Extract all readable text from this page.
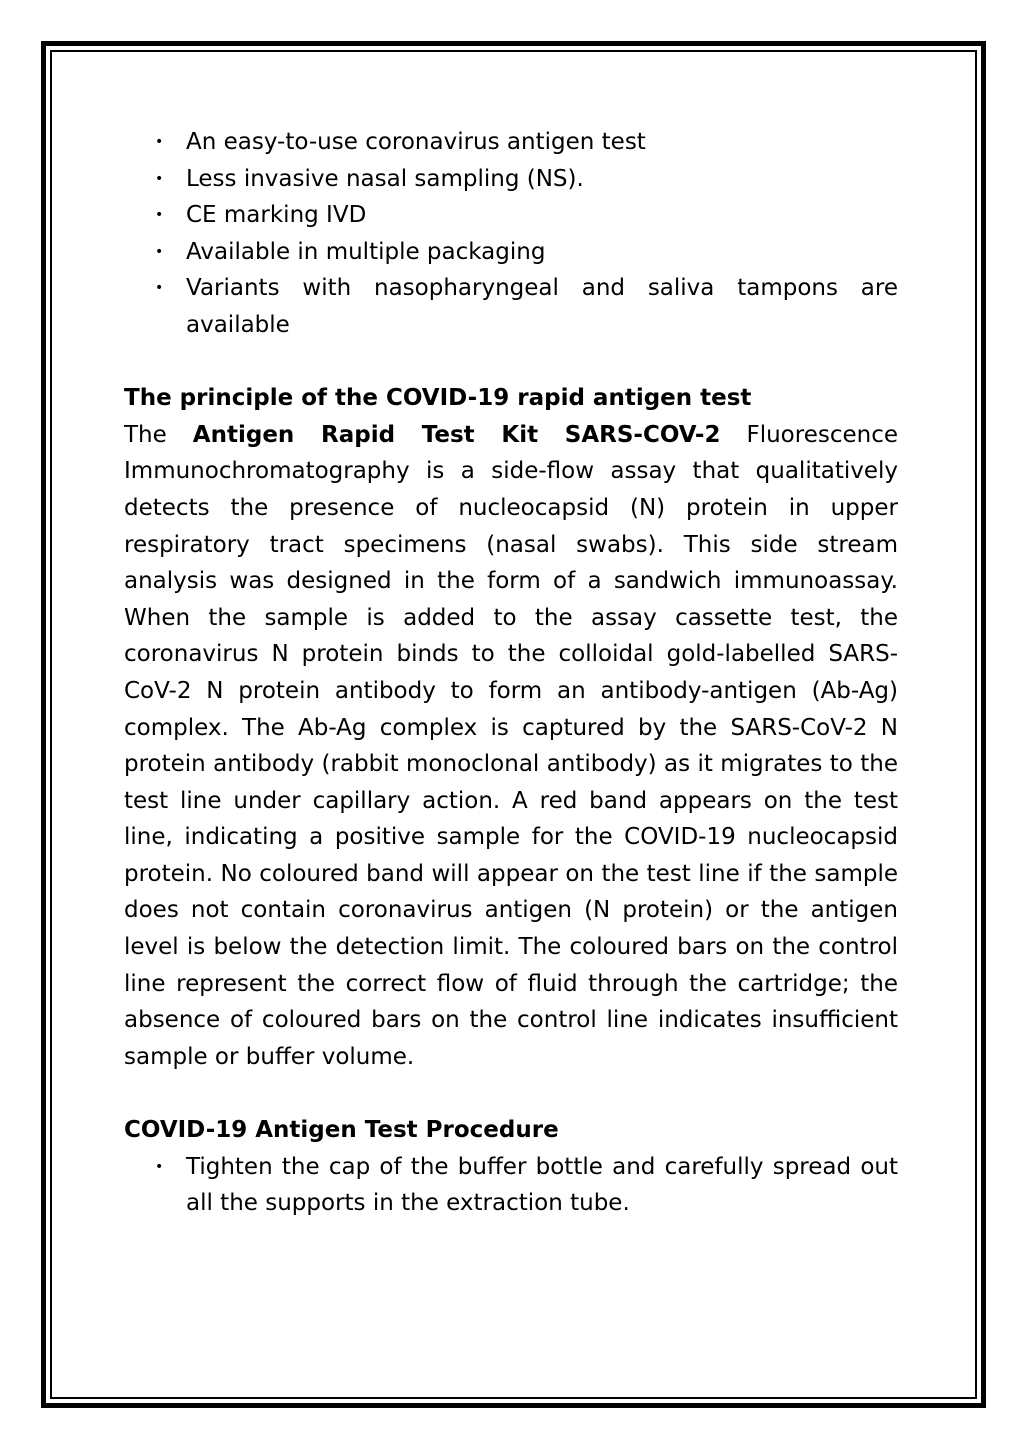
• An easy-to-use coronavirus antigen test
• Less invasive nasal sampling (NS).
• CE marking IVD
• Available in multiple packaging
• Variants with nasopharyngeal and saliva tampons are available

The principle of the COVID-19 rapid antigen test

The Antigen Rapid Test Kit SARS-COV-2 Fluorescence Immunochromatography is a side-flow assay that qualitatively detects the presence of nucleocapsid (N) protein in upper respiratory tract specimens (nasal swabs). This side stream analysis was designed in the form of a sandwich immunoassay. When the sample is added to the assay cassette test, the coronavirus N protein binds to the colloidal gold-labelled SARS-CoV-2 N protein antibody to form an antibody-antigen (Ab-Ag) complex. The Ab-Ag complex is captured by the SARS-CoV-2 N protein antibody (rabbit monoclonal antibody) as it migrates to the test line under capillary action. A red band appears on the test line, indicating a positive sample for the COVID-19 nucleocapsid protein. No coloured band will appear on the test line if the sample does not contain coronavirus antigen (N protein) or the antigen level is below the detection limit. The coloured bars on the control line represent the correct flow of fluid through the cartridge; the absence of coloured bars on the control line indicates insufficient sample or buffer volume.

COVID-19 Antigen Test Procedure

• Tighten the cap of the buffer bottle and carefully spread out all the supports in the extraction tube.
